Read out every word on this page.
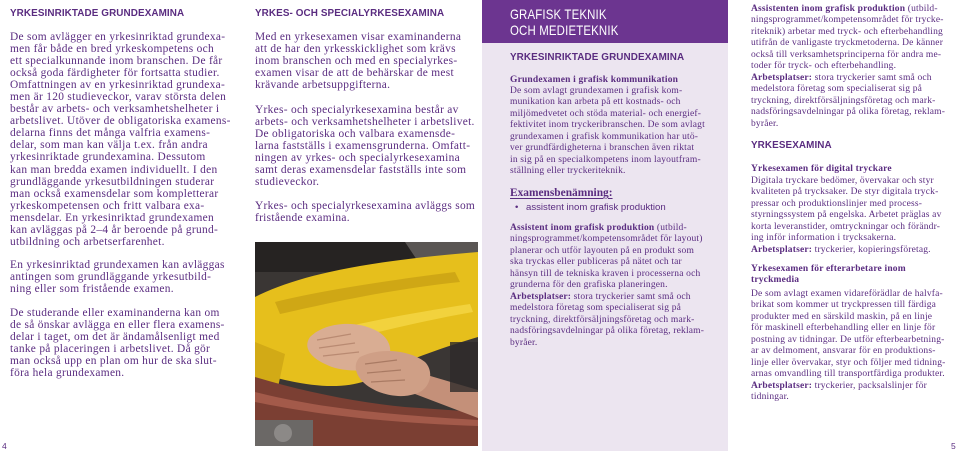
YRKESINRIKTADE GRUNDEXAMINA
De som avlägger en yrkesinriktad grundexa-
men får både en bred yrkeskompetens och
ett specialkunnande inom branschen. De får
också goda färdigheter för fortsatta studier.
Omfattningen av en yrkesinriktad grundexa-
men är 120 studieveckor, varav största delen
består av arbets- och verksamhetshelheter i
arbetslivet. Utöver de obligatoriska examens-
delarna finns det många valfria examens-
delar, som man kan välja t.ex. från andra
yrkesinriktade grundexamina. Dessutom
kan man bredda examen individuellt. I den
grundläggande yrkesutbildningen studerar
man också examensdelar som kompletterar
yrkeskompetensen och fritt valbara exa-
mensdelar. En yrkesinriktad grundexamen
kan avläggas på 2–4 år beroende på grund-
utbildning och arbetserfarenhet.
En yrkesinriktad grundexamen kan avläggas
antingen som grundläggande yrkesutbild-
ning eller som fristående examen.
De studerande eller examinanderna kan om
de så önskar avlägga en eller flera examens-
delar i taget, om det är ändamålsenligt med
tanke på placeringen i arbetslivet. Då gör
man också upp en plan om hur de ska slut-
föra hela grundexamen.
YRKES- OCH SPECIALYRKESEXAMINA
Med en yrkesexamen visar examinanderna
att de har den yrkesskicklighet som krävs
inom branschen och med en specialyrkes-
examen visar de att de behärskar de mest
krävande arbetsuppgifterna.
Yrkes- och specialyrkesexamina består av
arbets- och verksamhetshelheter i arbetslivet.
De obligatoriska och valbara examensde-
larna fastställs i examensgrunderna. Omfatt-
ningen av yrkes- och specialyrkesexamina
samt deras examensdelar fastställs inte som
studieveckor.
Yrkes- och specialyrkesexamina avläggs som
fristående examina.
GRAFISK TEKNIK
OCH MEDIETEKNIK
YRKESINRIKTADE GRUNDEXAMINA
Grundexamen i grafisk kommunikation
De som avlagt grundexamen i grafisk kom-
munikation kan arbeta på ett kostnads- och
miljömedvetet och stöda material- och energief-
fektivitet inom tryckeribranschen. De som avlagt
grundexamen i grafisk kommunikation har utö-
ver grundfärdigheterna i branschen även riktat
in sig på en specialkompetens inom layoutfram-
ställning eller tryckeriteknik.
Examensbenämning:
• assistent inom grafisk produktion
Assistent inom grafisk produktion (utbild-
ningsprogrammet/kompetensområdet för layout)
planerar och utför layouten på en produkt som
ska tryckas eller publiceras på nätet och tar
hänsyn till de tekniska kraven i processerna och
grunderna för den grafiska planeringen.
Arbetsplatser: stora tryckerier samt små och
medelstora företag som specialiserat sig på
tryckning, direktförsäljningsföretag och mark-
nadsföringsavdelningar på olika företag, reklam-
byråer.
Assistenten inom grafisk produktion (utbild-
ningsprogrammet/kompetensområdet för trycke-
riteknik) arbetar med tryck- och efterbehandling
utifrån de vanligaste tryckmetoderna. De känner
också till verksamhetsprinciperna för andra me-
toder för tryck- och efterbehandling.
Arbetsplatser: stora tryckerier samt små och
medelstora företag som specialiserat sig på
tryckning, direktförsäljningsföretag och mark-
nadsföringsavdelningar på olika företag, reklam-
byråer.
YRKESEXAMINA
Yrkesexamen för digital tryckare
Digitala tryckare bedömer, övervakar och styr
kvaliteten på trycksaker. De styr digitala tryck-
pressar och produktionslinjer med process-
styrningssystem på engelska. Arbetet präglas av
korta leveranstider, omtryckningar och förändr-
ing inför information i trycksakerna.
Arbetsplatser: tryckerier, kopieringsföretag.
Yrkesexamen för efterarbetare inom
tryckmedia
De som avlagt examen vidareförädlar de halvfa-
brikat som kommer ut tryckpressen till färdiga
produkter med en särskild maskin, på en linje
för maskinell efterbehandling eller en linje för
postning av tidningar. De utför efterbearbetning-
ar av delmoment, ansvarar för en produktions-
linje eller övervakar, styr och följer med tidning-
arnas omvandling till transportfärdiga produkter.
Arbetsplatser: tryckerier, packsalslinjer för
tidningar.
4	5
